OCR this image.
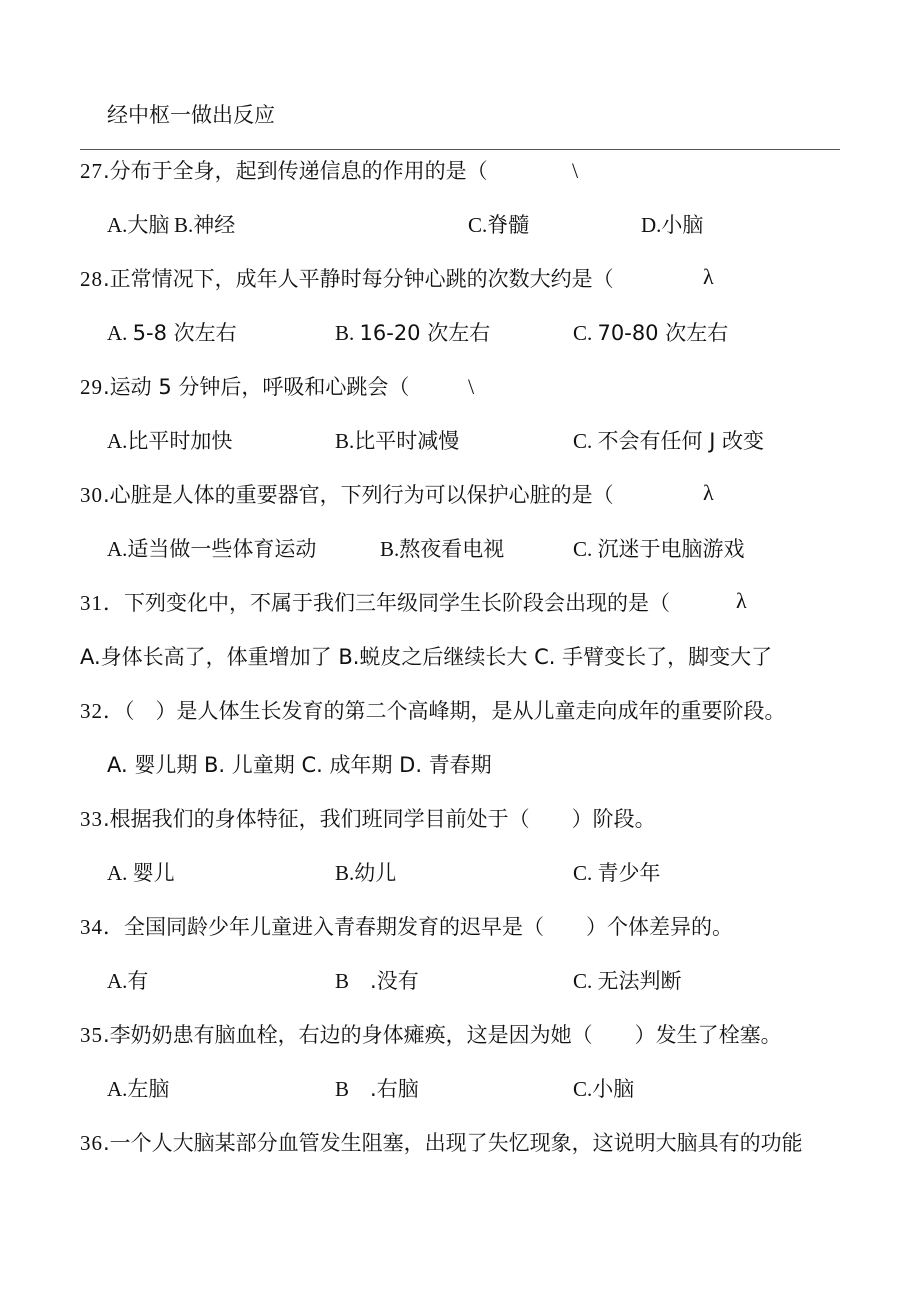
经中枢一做出反应
27.分布于全身，起到传递信息的作用的是（	\
A.大脑 B.神经	C.脊髓	D.小脑
28.正常情况下，成年人平静时每分钟心跳的次数大约是（	λ
A. 5-8 次左右	B. 16-20 次左右	C. 70-80 次左右
29.运动 5 分钟后，呼吸和心跳会（	\
A.比平时加快	B.比平时减慢	C. 不会有任何 J 改变
30.心脏是人体的重要器官，下列行为可以保护心脏的是（	λ
A.适当做一些体育运动	B.熬夜看电视	C. 沉迷于电脑游戏
31．下列变化中，不属于我们三年级同学生长阶段会出现的是（	λ
A.身体长高了，体重增加了 B.蜕皮之后继续长大 C. 手臂变长了，脚变大了
32．（　）是人体生长发育的第二个高峰期，是从儿童走向成年的重要阶段。
A. 婴儿期 B. 儿童期 C. 成年期 D. 青春期
33.根据我们的身体特征，我们班同学目前处于（　　）阶段。
A. 婴儿	B.幼儿	C. 青少年
34．全国同龄少年儿童进入青春期发育的迟早是（　　）个体差异的。
A.有	B　.没有	C. 无法判断
35.李奶奶患有脑血栓，右边的身体瘫痪，这是因为她（　　）发生了栓塞。
A.左脑	B　.右脑	C.小脑
36.一个人大脑某部分血管发生阻塞，出现了失忆现象，这说明大脑具有的功能
